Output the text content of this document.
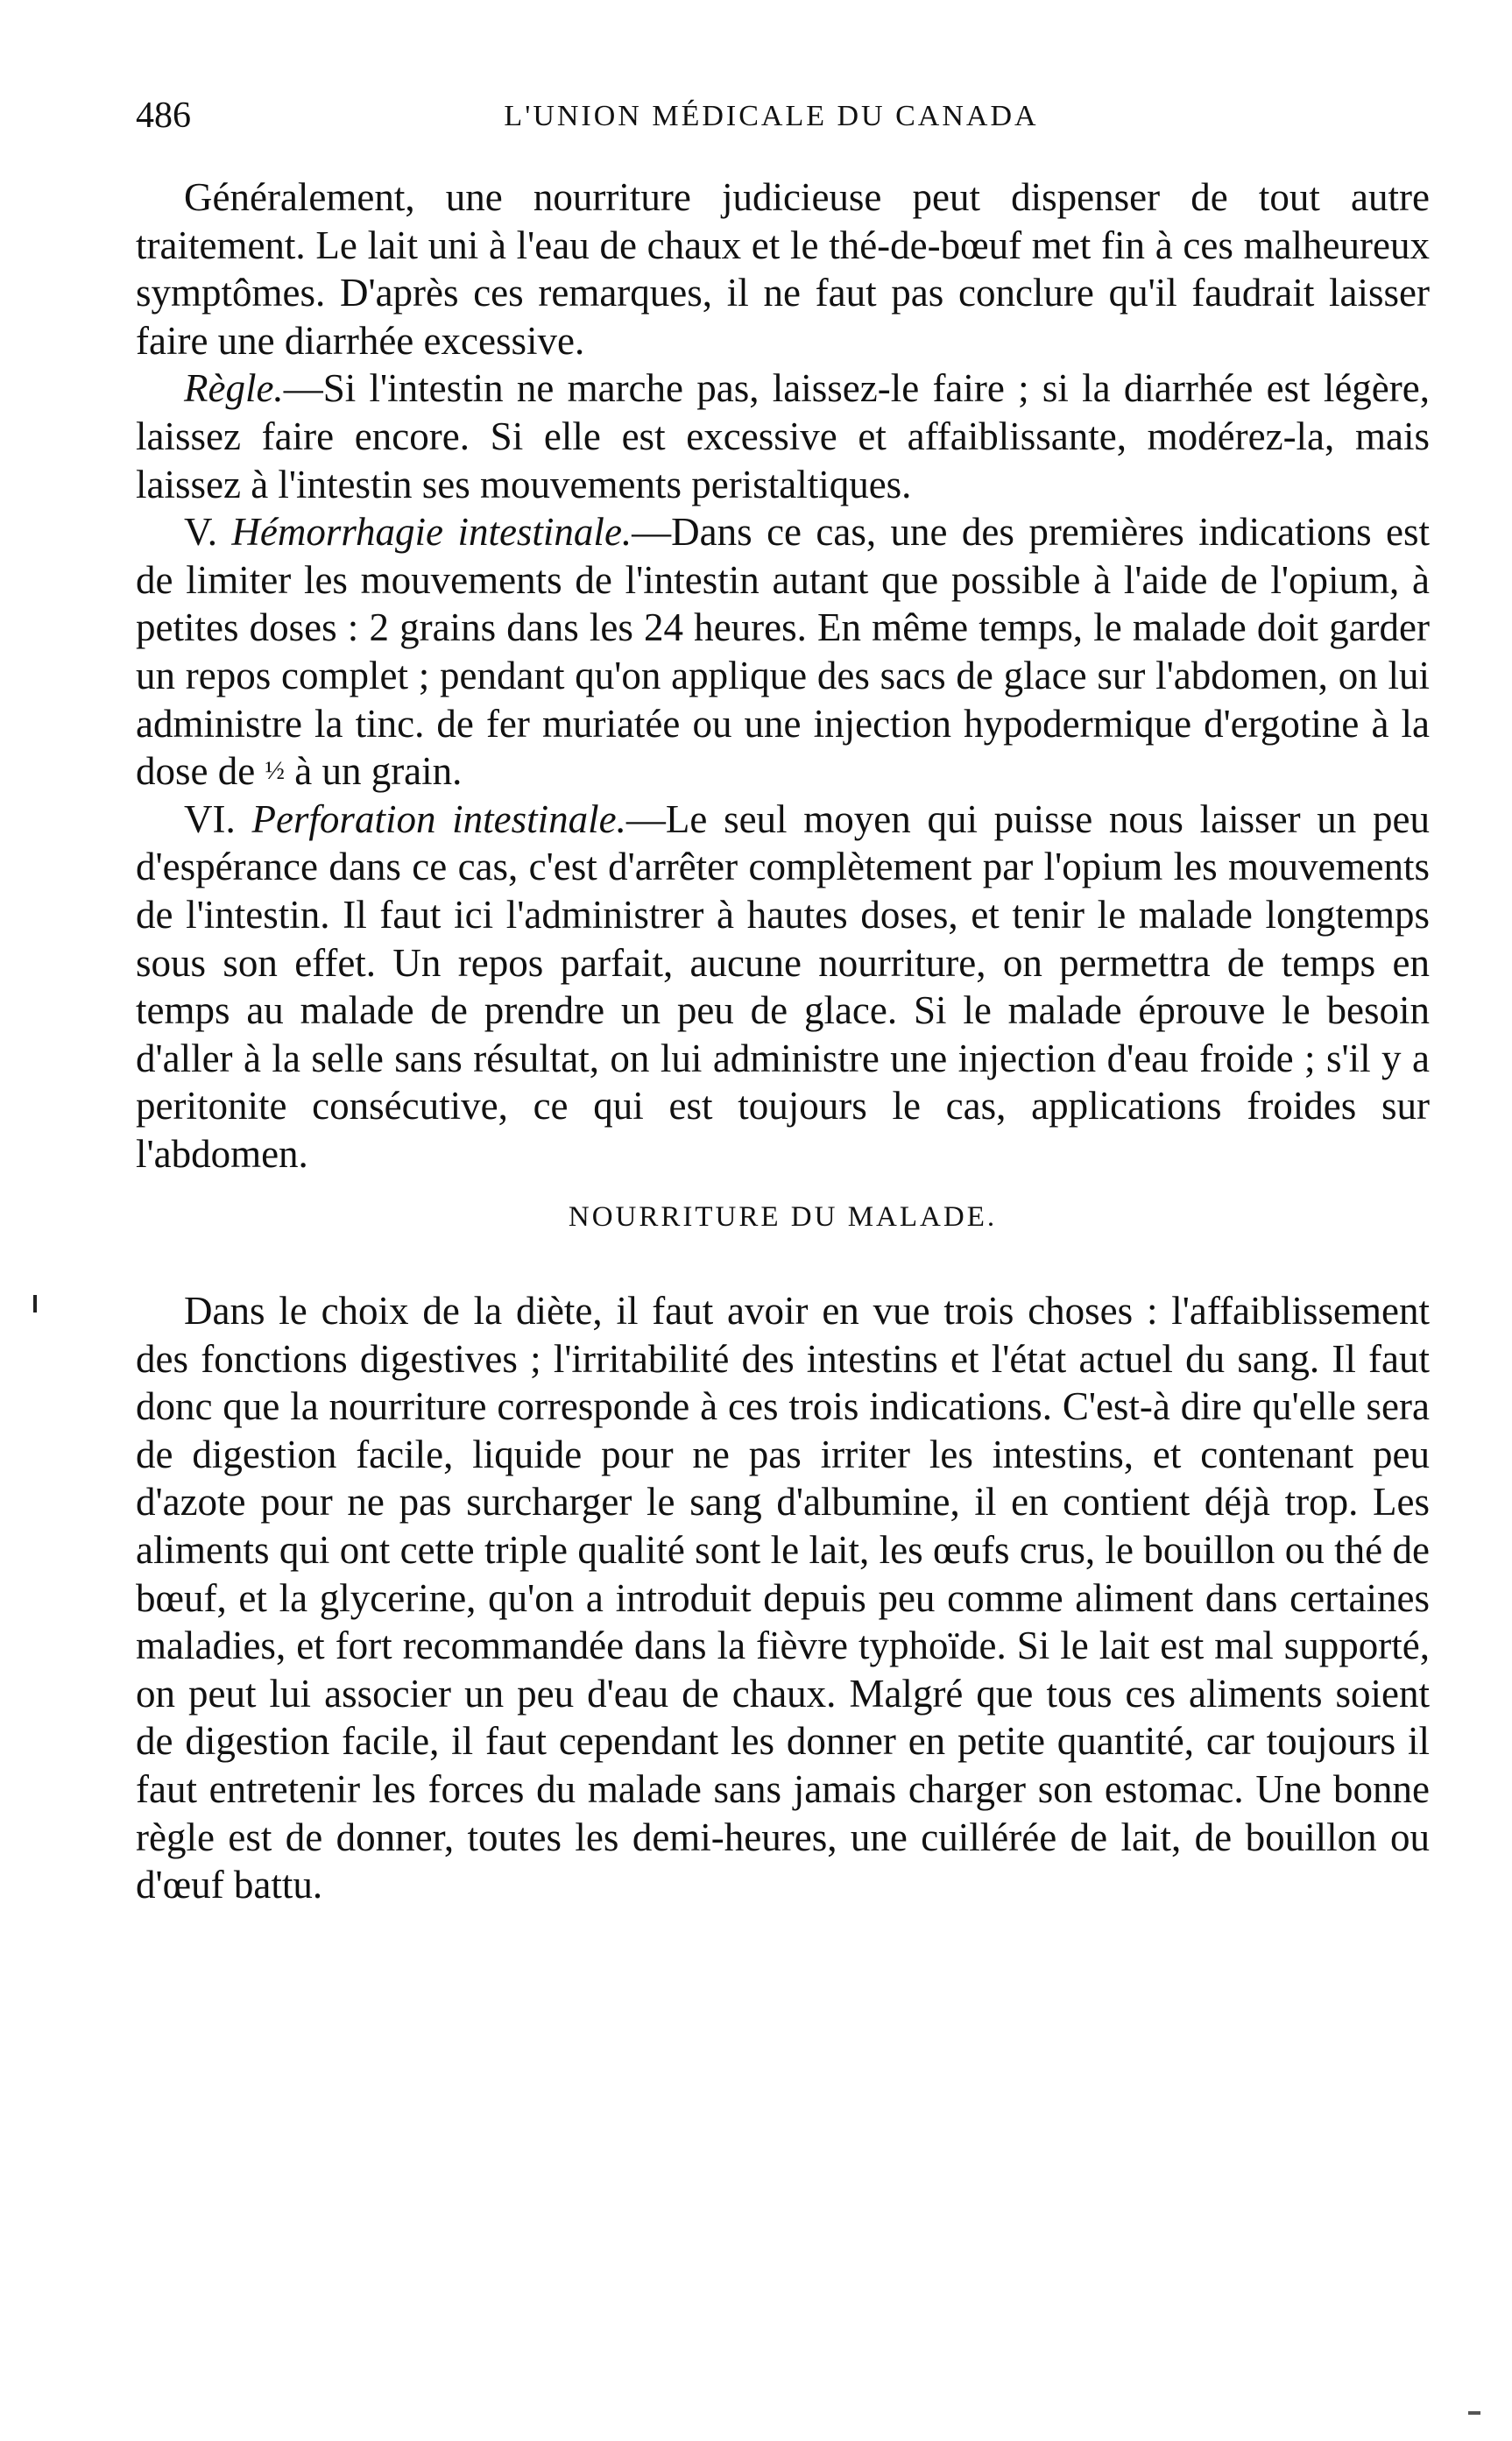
486	L'UNION MÉDICALE DU CANADA

Généralement, une nourriture judicieuse peut dispenser de tout autre traitement. Le lait uni à l'eau de chaux et le thé-de-bœuf met fin à ces malheureux symptômes. D'après ces remarques, il ne faut pas conclure qu'il faudrait laisser faire une diarrhée excessive.

Règle.—Si l'intestin ne marche pas, laissez-le faire ; si la diarrhée est légère, laissez faire encore. Si elle est excessive et affaiblissante, modérez-la, mais laissez à l'intestin ses mouvements peristaltiques.

V. Hémorrhagie intestinale.—Dans ce cas, une des premières indications est de limiter les mouvements de l'intestin autant que possible à l'aide de l'opium, à petites doses : 2 grains dans les 24 heures. En même temps, le malade doit garder un repos complet ; pendant qu'on applique des sacs de glace sur l'abdomen, on lui administre la tinc. de fer muriatée ou une injection hypodermique d'ergotine à la dose de ½ à un grain.

VI. Perforation intestinale.—Le seul moyen qui puisse nous laisser un peu d'espérance dans ce cas, c'est d'arrêter complètement par l'opium les mouvements de l'intestin. Il faut ici l'administrer à hautes doses, et tenir le malade longtemps sous son effet. Un repos parfait, aucune nourriture, on permettra de temps en temps au malade de prendre un peu de glace. Si le malade éprouve le besoin d'aller à la selle sans résultat, on lui administre une injection d'eau froide ; s'il y a peritonite consécutive, ce qui est toujours le cas, applications froides sur l'abdomen.

NOURRITURE DU MALADE.

Dans le choix de la diète, il faut avoir en vue trois choses : l'affaiblissement des fonctions digestives ; l'irritabilité des intestins et l'état actuel du sang. Il faut donc que la nourriture corresponde à ces trois indications. C'est-à dire qu'elle sera de digestion facile, liquide pour ne pas irriter les intestins, et contenant peu d'azote pour ne pas surcharger le sang d'albumine, il en contient déjà trop. Les aliments qui ont cette triple qualité sont le lait, les œufs crus, le bouillon ou thé de bœuf, et la glycerine, qu'on a introduit depuis peu comme aliment dans certaines maladies, et fort recommandée dans la fièvre typhoïde. Si le lait est mal supporté, on peut lui associer un peu d'eau de chaux. Malgré que tous ces aliments soient de digestion facile, il faut cependant les donner en petite quantité, car toujours il faut entretenir les forces du malade sans jamais charger son estomac. Une bonne règle est de donner, toutes les demi-heures, une cuillérée de lait, de bouillon ou d'œuf battu.
